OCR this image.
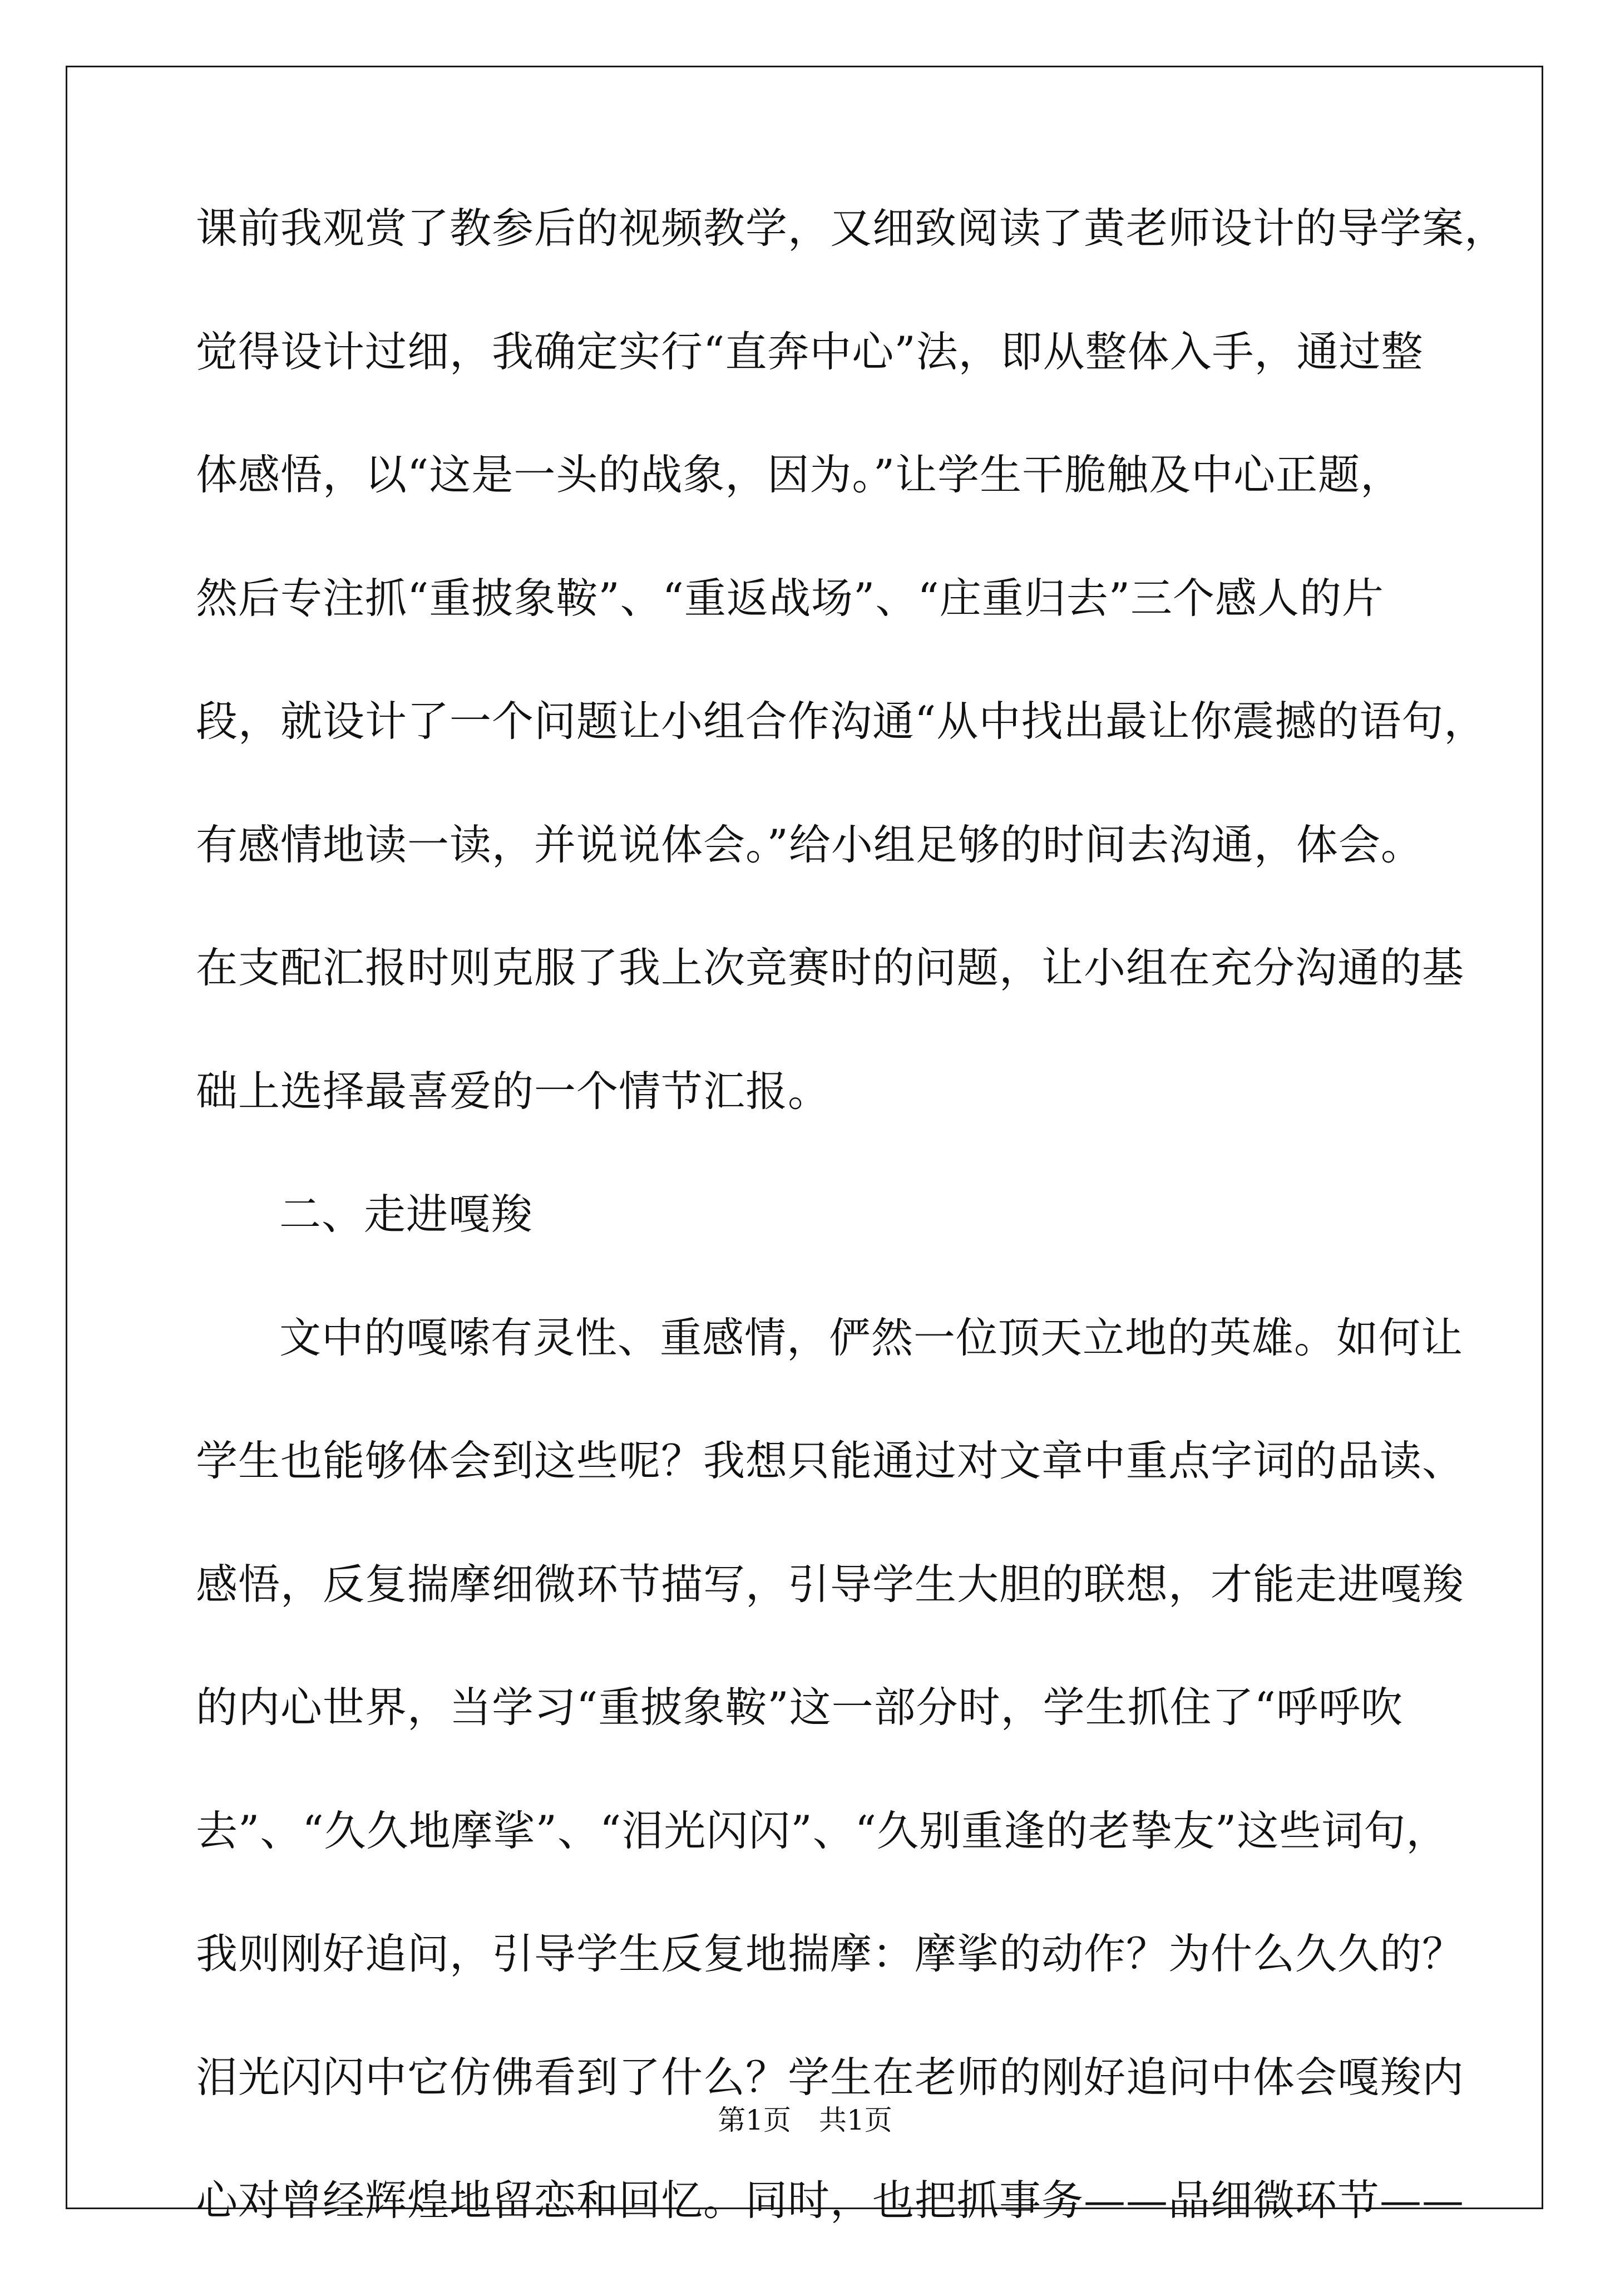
课前我观赏了教参后的视频教学，又细致阅读了黄老师设计的导学案，
觉得设计过细，我确定实行“直奔中心”法，即从整体入手，通过整
体感悟，以“这是一头的战象，因为。”让学生干脆触及中心正题，
然后专注抓“重披象鞍”、“重返战场”、“庄重归去”三个感人的片
段，就设计了一个问题让小组合作沟通“从中找出最让你震撼的语句，
有感情地读一读，并说说体会。”给小组足够的时间去沟通，体会。
在支配汇报时则克服了我上次竞赛时的问题，让小组在充分沟通的基
础上选择最喜爱的一个情节汇报。
二、走进嘎羧
文中的嘎嗦有灵性、重感情，俨然一位顶天立地的英雄。如何让
学生也能够体会到这些呢？我想只能通过对文章中重点字词的品读、
感悟，反复揣摩细微环节描写，引导学生大胆的联想，才能走进嘎羧
的内心世界，当学习“重披象鞍”这一部分时，学生抓住了“呼呼吹
去”、“久久地摩挲”、“泪光闪闪”、“久别重逢的老挚友”这些词句，
我则刚好追问，引导学生反复地揣摩：摩挲的动作？为什么久久的？
泪光闪闪中它仿佛看到了什么？学生在老师的刚好追问中体会嘎羧内
心对曾经辉煌地留恋和回忆。同时，也把抓事务——品细微环节——
第1页　共1页
